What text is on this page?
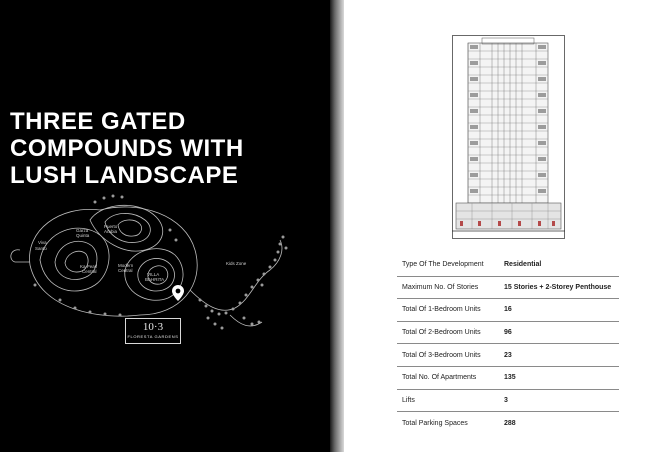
THREE GATED
COMPOUNDS WITH
LUSH LANDSCAPE
Viva
Santo
Garza
Quinta
Puerto
Arabia
Ka Pearl
Central
Modern
Central
VILLA
BAHRITA
Kids Zone
10·3
FLORESTA GARDENS
Type Of The Development	Residential
Maximum No. Of Stories	15 Stories + 2-Storey Penthouse
Total Of 1-Bedroom Units	16
Total Of 2-Bedroom Units	96
Total Of 3-Bedroom Units	23
Total No. Of Apartments	135
Lifts	3
Total Parking Spaces	288
